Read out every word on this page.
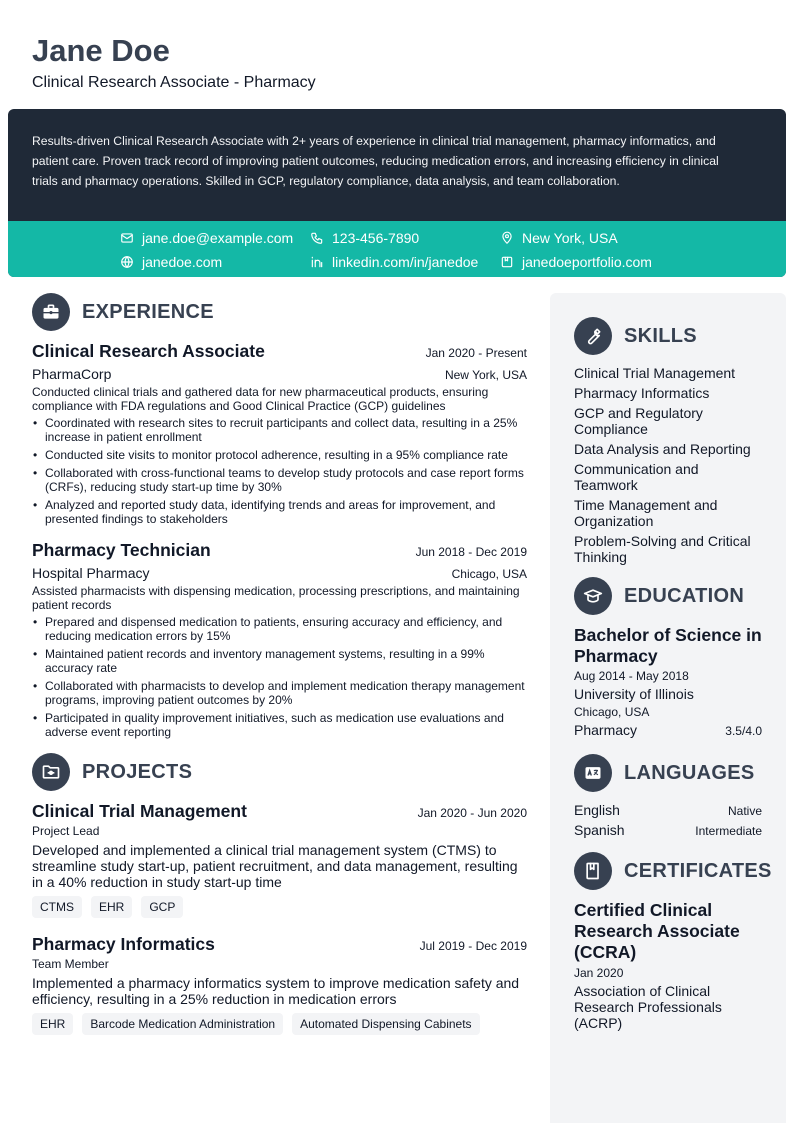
Jane Doe
Clinical Research Associate - Pharmacy
Results-driven Clinical Research Associate with 2+ years of experience in clinical trial management, pharmacy informatics, and patient care. Proven track record of improving patient outcomes, reducing medication errors, and increasing efficiency in clinical trials and pharmacy operations. Skilled in GCP, regulatory compliance, data analysis, and team collaboration.
jane.doe@example.com	123-456-7890	New York, USA
janedoe.com	linkedin.com/in/janedoe	janedoeportfolio.com
EXPERIENCE
Clinical Research Associate	Jan 2020 - Present
PharmaCorp	New York, USA
Conducted clinical trials and gathered data for new pharmaceutical products, ensuring compliance with FDA regulations and Good Clinical Practice (GCP) guidelines
• Coordinated with research sites to recruit participants and collect data, resulting in a 25% increase in patient enrollment
• Conducted site visits to monitor protocol adherence, resulting in a 95% compliance rate
• Collaborated with cross-functional teams to develop study protocols and case report forms (CRFs), reducing study start-up time by 30%
• Analyzed and reported study data, identifying trends and areas for improvement, and presented findings to stakeholders
Pharmacy Technician	Jun 2018 - Dec 2019
Hospital Pharmacy	Chicago, USA
Assisted pharmacists with dispensing medication, processing prescriptions, and maintaining patient records
• Prepared and dispensed medication to patients, ensuring accuracy and efficiency, and reducing medication errors by 15%
• Maintained patient records and inventory management systems, resulting in a 99% accuracy rate
• Collaborated with pharmacists to develop and implement medication therapy management programs, improving patient outcomes by 20%
• Participated in quality improvement initiatives, such as medication use evaluations and adverse event reporting
PROJECTS
Clinical Trial Management	Jan 2020 - Jun 2020
Project Lead
Developed and implemented a clinical trial management system (CTMS) to streamline study start-up, patient recruitment, and data management, resulting in a 40% reduction in study start-up time
CTMS	EHR	GCP
Pharmacy Informatics	Jul 2019 - Dec 2019
Team Member
Implemented a pharmacy informatics system to improve medication safety and efficiency, resulting in a 25% reduction in medication errors
EHR	Barcode Medication Administration	Automated Dispensing Cabinets
SKILLS
Clinical Trial Management
Pharmacy Informatics
GCP and Regulatory Compliance
Data Analysis and Reporting
Communication and Teamwork
Time Management and Organization
Problem-Solving and Critical Thinking
EDUCATION
Bachelor of Science in Pharmacy
Aug 2014 - May 2018
University of Illinois
Chicago, USA
Pharmacy	3.5/4.0
LANGUAGES
English	Native
Spanish	Intermediate
CERTIFICATES
Certified Clinical Research Associate (CCRA)
Jan 2020
Association of Clinical Research Professionals (ACRP)
